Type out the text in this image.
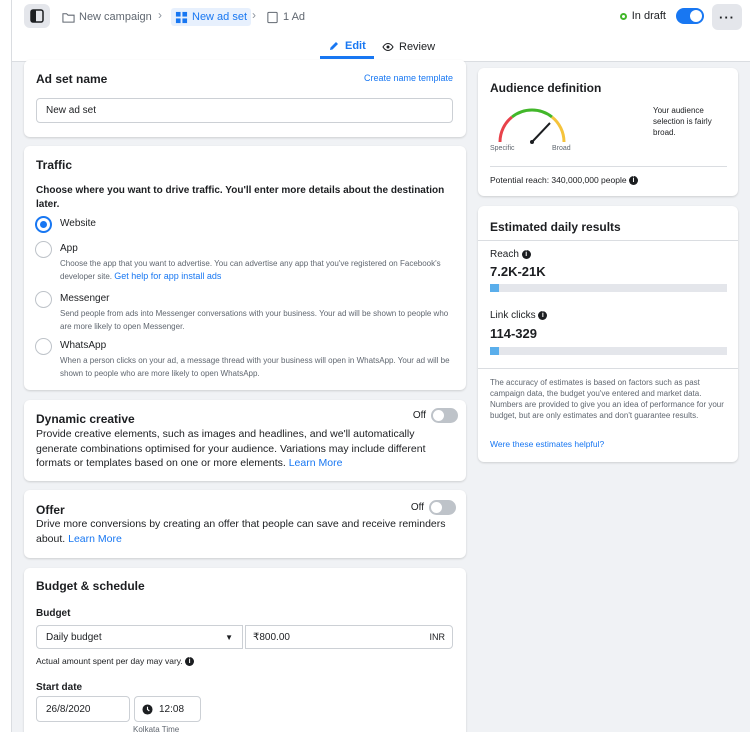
New campaign ›	New ad set › 1 Ad	In draft	···
Edit	Review
Ad set name	Create name template
New ad set
Traffic
Choose where you want to drive traffic. You'll enter more details about the destination later.
Website
App
Choose the app that you want to advertise. You can advertise any app that you've registered on Facebook's developer site. Get help for app install ads
Messenger
Send people from ads into Messenger conversations with your business. Your ad will be shown to people who are more likely to open Messenger.
WhatsApp
When a person clicks on your ad, a message thread with your business will open in WhatsApp. Your ad will be shown to people who are more likely to open WhatsApp.
Dynamic creative	Off
Provide creative elements, such as images and headlines, and we'll automatically generate combinations optimised for your audience. Variations may include different formats or templates based on one or more elements. Learn More
Offer	Off
Drive more conversions by creating an offer that people can save and receive reminders about. Learn More
Budget & schedule
Budget
Daily budget	▼ ₹800.00	INR
Actual amount spent per day may vary. i
Start date
26/8/2020	12:08
Kolkata Time
Audience definition
Specific	Broad
Your audience selection is fairly broad.
Potential reach: 340,000,000 people i
Estimated daily results
Reach i
7.2K-21K
Link clicks i
114-329
The accuracy of estimates is based on factors such as past campaign data, the budget you've entered and market data. Numbers are provided to give you an idea of performance for your budget, but are only estimates and don't guarantee results.
Were these estimates helpful?
